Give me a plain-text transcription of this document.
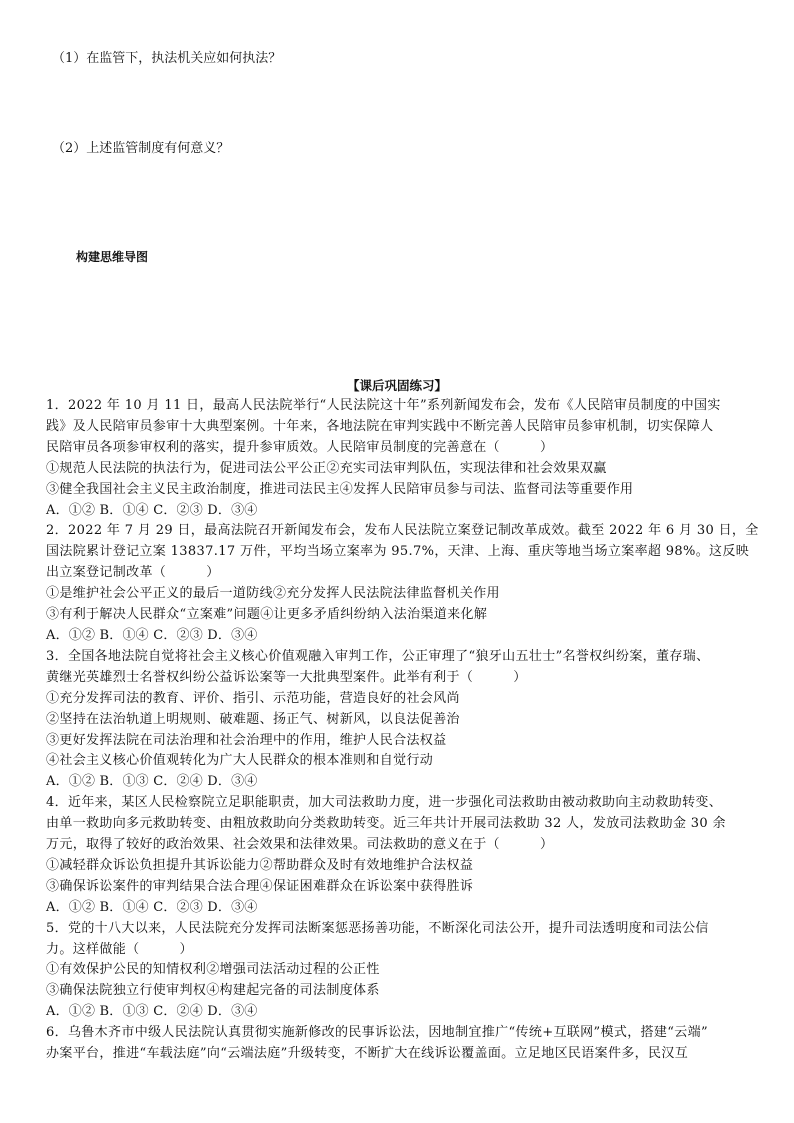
（1）在监管下，执法机关应如何执法？
（2）上述监管制度有何意义？
构建思维导图
【课后巩固练习】
1．2022 年 10 月 11 日，最高人民法院举行“人民法院这十年”系列新闻发布会，发布《人民陪审员制度的中国实
践》及人民陪审员参审十大典型案例。十年来，各地法院在审判实践中不断完善人民陪审员参审机制，切实保障人
民陪审员各项参审权利的落实，提升参审质效。人民陪审员制度的完善意在（　　　）
①规范人民法院的执法行为，促进司法公平公正②充实司法审判队伍，实现法律和社会效果双赢
③健全我国社会主义民主政治制度，推进司法民主④发挥人民陪审员参与司法、监督司法等重要作用
A．①② B．①④ C．②③ D．③④
2．2022 年 7 月 29 日，最高法院召开新闻发布会，发布人民法院立案登记制改革成效。截至 2022 年 6 月 30 日，全
国法院累计登记立案 13837.17 万件，平均当场立案率为 95.7%，天津、上海、重庆等地当场立案率超 98%。这反映
出立案登记制改革（　　　）
①是维护社会公平正义的最后一道防线②充分发挥人民法院法律监督机关作用
③有利于解决人民群众“立案难”问题④让更多矛盾纠纷纳入法治渠道来化解
A．①② B．①④ C．②③ D．③④
3．全国各地法院自觉将社会主义核心价值观融入审判工作，公正审理了“狼牙山五壮士”名誉权纠纷案，董存瑞、
黄继光英雄烈士名誉权纠纷公益诉讼案等一大批典型案件。此举有利于（　　　）
①充分发挥司法的教育、评价、指引、示范功能，营造良好的社会风尚
②坚持在法治轨道上明规则、破难题、扬正气、树新风，以良法促善治
③更好发挥法院在司法治理和社会治理中的作用，维护人民合法权益
④社会主义核心价值观转化为广大人民群众的根本准则和自觉行动
A．①② B．①③ C．②④ D．③④
4．近年来，某区人民检察院立足职能职责，加大司法救助力度，进一步强化司法救助由被动救助向主动救助转变、
由单一救助向多元救助转变、由粗放救助向分类救助转变。近三年共计开展司法救助 32 人，发放司法救助金 30 余
万元，取得了较好的政治效果、社会效果和法律效果。司法救助的意义在于（　　　）
①减轻群众诉讼负担提升其诉讼能力②帮助群众及时有效地维护合法权益
③确保诉讼案件的审判结果合法合理④保证困难群众在诉讼案中获得胜诉
A．①② B．①④ C．②③ D．③④
5．党的十八大以来，人民法院充分发挥司法断案惩恶扬善功能，不断深化司法公开，提升司法透明度和司法公信
力。这样做能（　　　）
①有效保护公民的知情权利②增强司法活动过程的公正性
③确保法院独立行使审判权④构建起完备的司法制度体系
A．①② B．①③ C．②④ D．③④
6．乌鲁木齐市中级人民法院认真贯彻实施新修改的民事诉讼法，因地制宜推广“传统+互联网”模式，搭建“云端”
办案平台，推进“车载法庭”向“云端法庭”升级转变，不断扩大在线诉讼覆盖面。立足地区民语案件多，民汉互
